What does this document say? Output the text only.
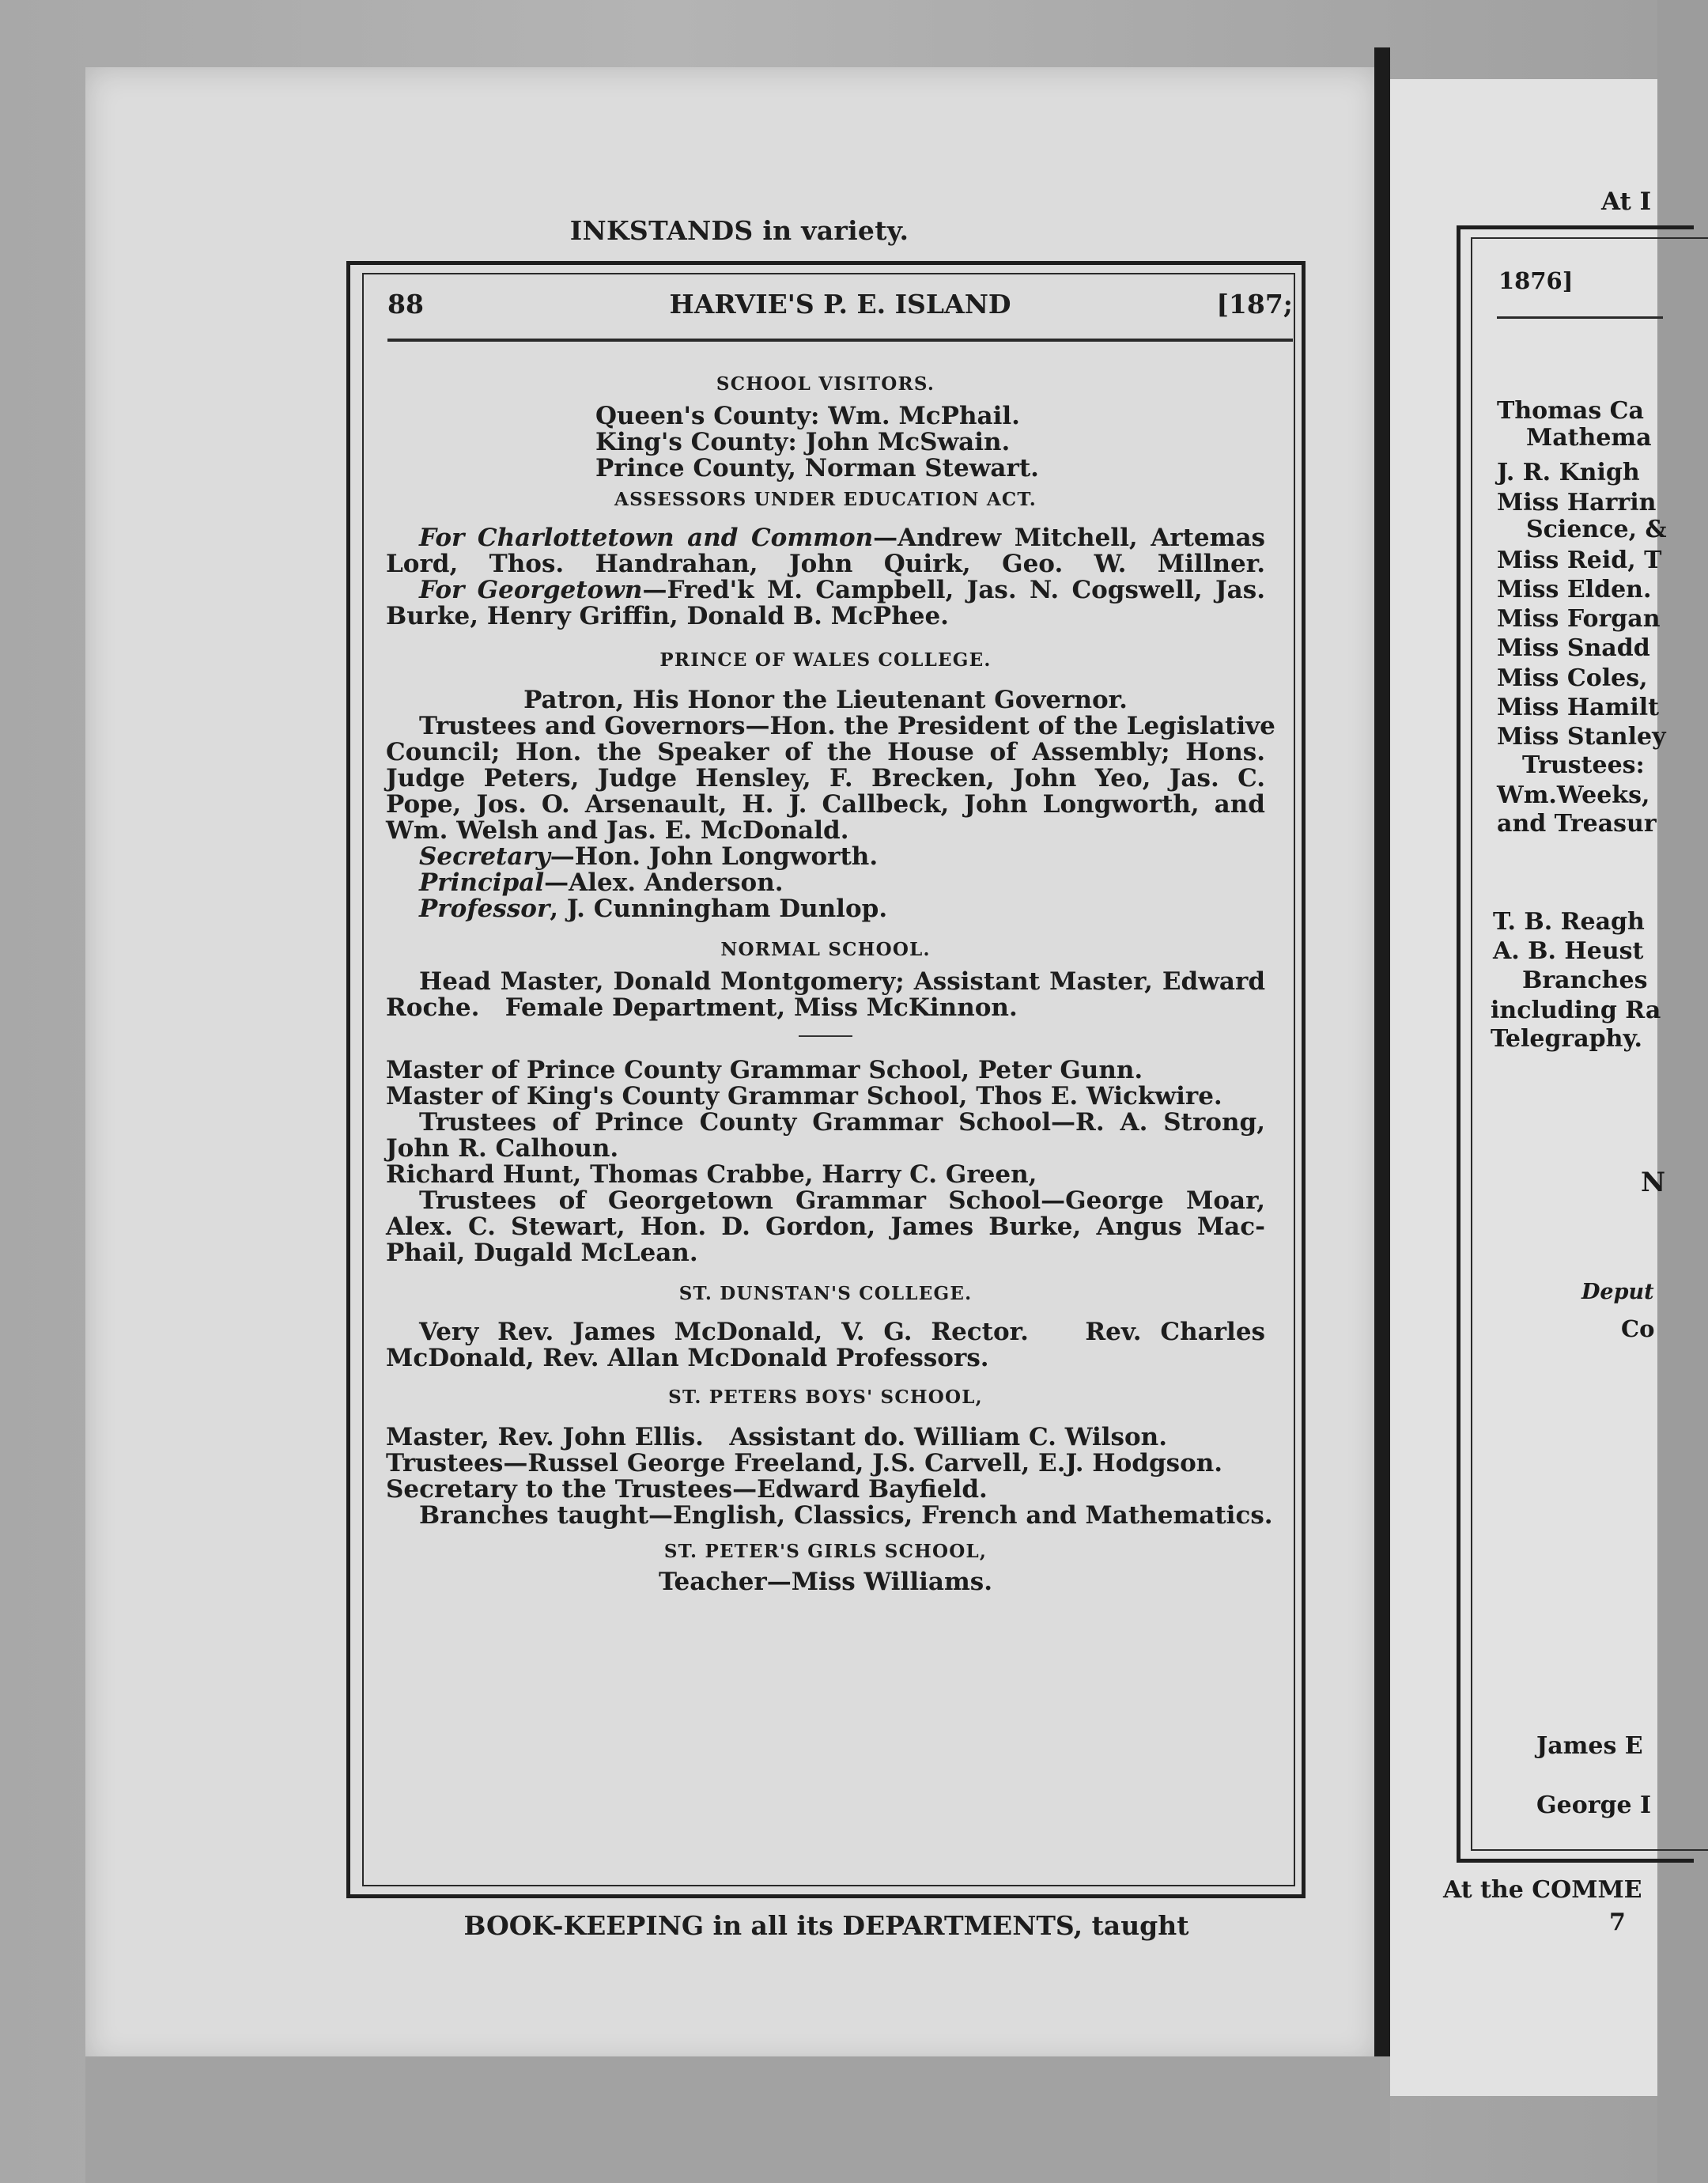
INKSTANDS in variety.
88	HARVIE'S P. E. ISLAND	[187;
SCHOOL VISITORS.
Queen's County: Wm. McPhail.
King's County: John McSwain.
Prince County, Norman Stewart.
ASSESSORS UNDER EDUCATION ACT.
For Charlottetown and Common—Andrew Mitchell, Artemas
Lord, Thos. Handrahan, John Quirk, Geo. W. Millner.
For Georgetown—Fred'k M. Campbell, Jas. N. Cogswell, Jas.
Burke, Henry Griffin, Donald B. McPhee.
PRINCE OF WALES COLLEGE.
Patron, His Honor the Lieutenant Governor.
Trustees and Governors—Hon. the President of the Legislative
Council; Hon. the Speaker of the House of Assembly; Hons.
Judge Peters, Judge Hensley, F. Brecken, John Yeo, Jas. C.
Pope, Jos. O. Arsenault, H. J. Callbeck, John Longworth, and
Wm. Welsh and Jas. E. McDonald.
Secretary—Hon. John Longworth.
Principal—Alex. Anderson.
Professor, J. Cunningham Dunlop.
NORMAL SCHOOL.
Head Master, Donald Montgomery; Assistant Master, Edward
Roche.   Female Department, Miss McKinnon.
Master of Prince County Grammar School, Peter Gunn.
Master of King's County Grammar School, Thos E. Wickwire.
Trustees of Prince County Grammar School—R. A. Strong,
John R. Calhoun.
Richard Hunt, Thomas Crabbe, Harry C. Green,
Trustees of Georgetown Grammar School—George Moar,
Alex. C. Stewart, Hon. D. Gordon, James Burke, Angus Mac-
Phail, Dugald McLean.
ST. DUNSTAN'S COLLEGE.
Very Rev. James McDonald, V. G. Rector.   Rev. Charles
McDonald, Rev. Allan McDonald Professors.
ST. PETERS BOYS' SCHOOL,
Master, Rev. John Ellis.   Assistant do. William C. Wilson.
Trustees—Russel George Freeland, J.S. Carvell, E.J. Hodgson.
Secretary to the Trustees—Edward Bayfield.
Branches taught—English, Classics, French and Mathematics.
ST. PETER'S GIRLS SCHOOL,
Teacher—Miss Williams.
BOOK-KEEPING in all its DEPARTMENTS, taught
At I
1876]
Thomas Ca
Mathema
J. R. Knigh
Miss Harrin
Science, &
Miss Reid, T
Miss Elden.
Miss Forgan
Miss Snadd
Miss Coles,
Miss Hamilt
Miss Stanley
Trustees:
Wm.Weeks,
and Treasur
T. B. Reagh
A. B. Heust
Branches
including Ra
Telegraphy.
N
Deput
Co
James E
George I
At the COMME
7
